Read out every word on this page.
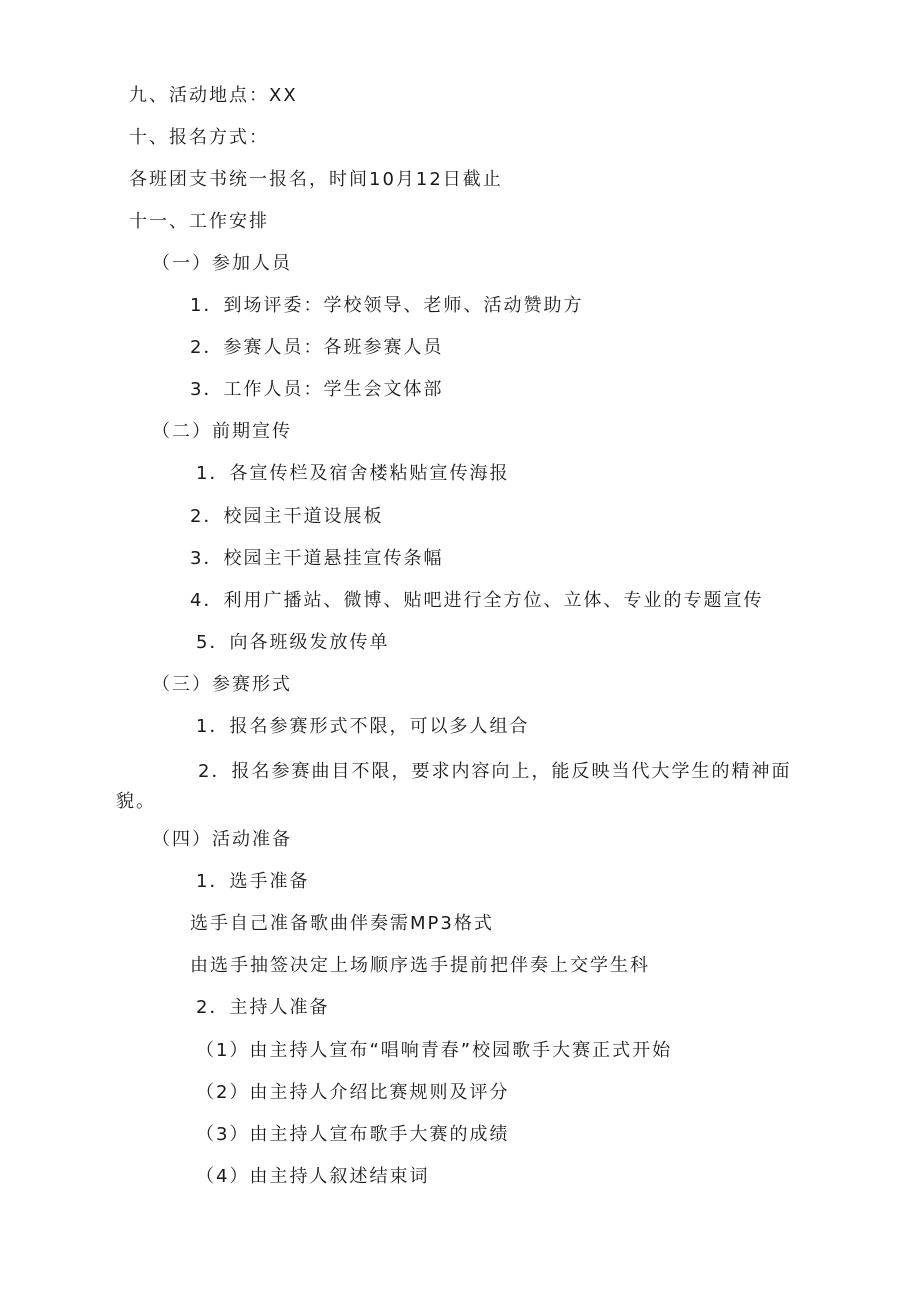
九、活动地点：XX
十、报名方式：
各班团支书统一报名，时间10月12日截止
十一、工作安排
（一）参加人员
1．到场评委：学校领导、老师、活动赞助方
2．参赛人员：各班参赛人员
3．工作人员：学生会文体部
（二）前期宣传
1．各宣传栏及宿舍楼粘贴宣传海报
2．校园主干道设展板
3．校园主干道悬挂宣传条幅
4．利用广播站、微博、贴吧进行全方位、立体、专业的专题宣传
5．向各班级发放传单
（三）参赛形式
1．报名参赛形式不限，可以多人组合
2．报名参赛曲目不限，要求内容向上，能反映当代大学生的精神面貌。
（四）活动准备
1．选手准备
选手自己准备歌曲伴奏需MP3格式
由选手抽签决定上场顺序选手提前把伴奏上交学生科
2．主持人准备
（1）由主持人宣布“唱响青春”校园歌手大赛正式开始
（2）由主持人介绍比赛规则及评分
（3）由主持人宣布歌手大赛的成绩
（4）由主持人叙述结束词
